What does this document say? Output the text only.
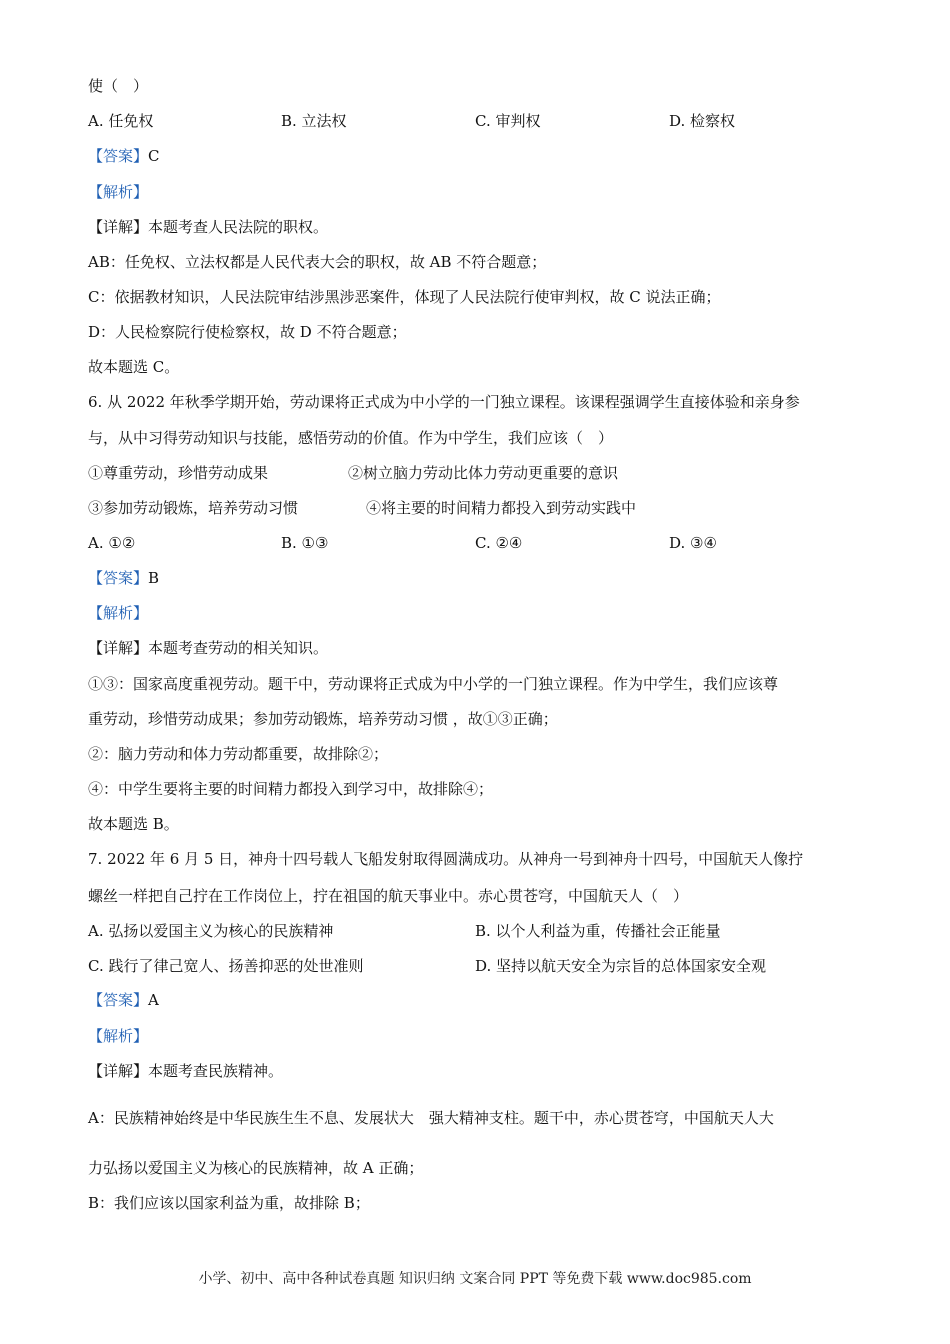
使（　）
A. 任免权	B. 立法权	C. 审判权	D. 检察权
【答案】C
【解析】
【详解】本题考查人民法院的职权。
AB：任免权、立法权都是人民代表大会的职权，故 AB 不符合题意；
C：依据教材知识，人民法院审结涉黑涉恶案件，体现了人民法院行使审判权，故 C 说法正确；
D：人民检察院行使检察权，故 D 不符合题意；
故本题选 C。
6. 从 2022 年秋季学期开始，劳动课将正式成为中小学的一门独立课程。该课程强调学生直接体验和亲身参
与，从中习得劳动知识与技能，感悟劳动的价值。作为中学生，我们应该（　）
①尊重劳动，珍惜劳动成果	②树立脑力劳动比体力劳动更重要的意识
③参加劳动锻炼，培养劳动习惯	④将主要的时间精力都投入到劳动实践中
A. ①②	B. ①③	C. ②④	D. ③④
【答案】B
【解析】
【详解】本题考查劳动的相关知识。
①③：国家高度重视劳动。题干中，劳动课将正式成为中小学的一门独立课程。作为中学生，我们应该尊
重劳动，珍惜劳动成果；参加劳动锻炼，培养劳动习惯 ，故①③正确；
②：脑力劳动和体力劳动都重要，故排除②；
④：中学生要将主要的时间精力都投入到学习中，故排除④；
故本题选 B。
7. 2022 年 6 月 5 日，神舟十四号载人飞船发射取得圆满成功。从神舟一号到神舟十四号，中国航天人像拧
螺丝一样把自己拧在工作岗位上，拧在祖国的航天事业中。赤心贯苍穹，中国航天人（　）
A. 弘扬以爱国主义为核心的民族精神	B. 以个人利益为重，传播社会正能量
C. 践行了律己宽人、扬善抑恶的处世准则	D. 坚持以航天安全为宗旨的总体国家安全观
【答案】A
【解析】
【详解】本题考查民族精神。
A：民族精神始终是中华民族生生不息、发展状大　强大精神支柱。题干中，赤心贯苍穹，中国航天人大
力弘扬以爱国主义为核心的民族精神，故 A 正确；
B：我们应该以国家利益为重，故排除 B；
小学、初中、高中各种试卷真题 知识归纳 文案合同 PPT 等免费下载 www.doc985.com
